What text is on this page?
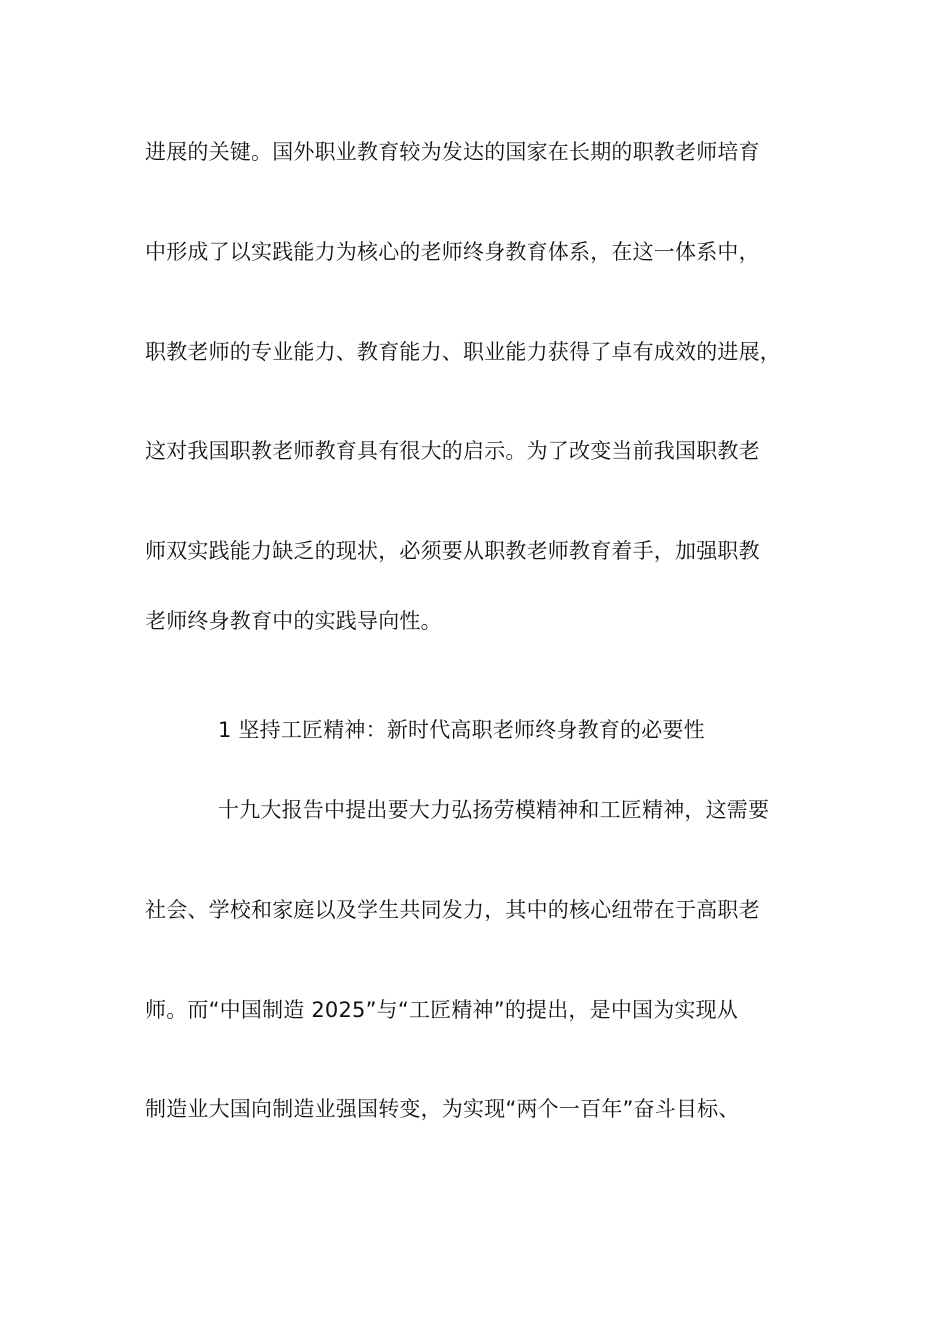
进展的关键。国外职业教育较为发达的国家在长期的职教老师培育
中形成了以实践能力为核心的老师终身教育体系，在这一体系中，
职教老师的专业能力、教育能力、职业能力获得了卓有成效的进展，
这对我国职教老师教育具有很大的启示。为了改变当前我国职教老
师双实践能力缺乏的现状，必须要从职教老师教育着手，加强职教
老师终身教育中的实践导向性。
1 坚持工匠精神：新时代高职老师终身教育的必要性
十九大报告中提出要大力弘扬劳模精神和工匠精神，这需要
社会、学校和家庭以及学生共同发力，其中的核心纽带在于高职老
师。而“中国制造 2025”与“工匠精神”的提出，是中国为实现从
制造业大国向制造业强国转变，为实现“两个一百年”奋斗目标、
